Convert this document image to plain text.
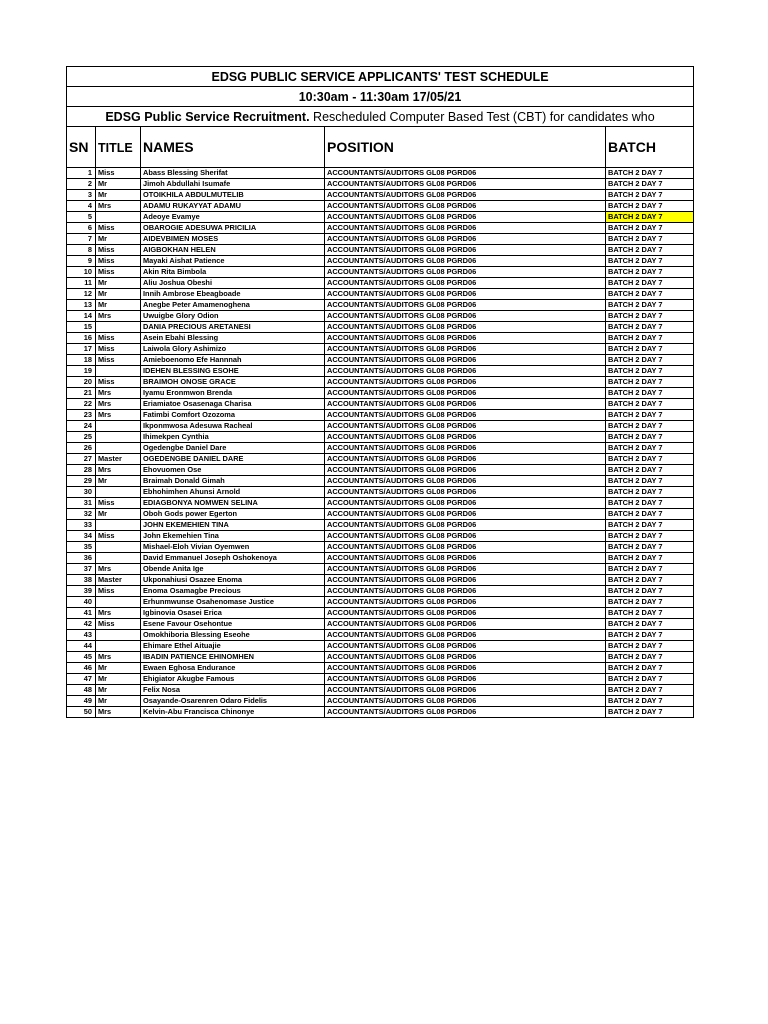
EDSG PUBLIC SERVICE APPLICANTS' TEST SCHEDULE				
10:30am - 11:30am 17/05/21				
EDSG Public Service Recruitment. Rescheduled Computer Based Test (CBT) for candidates who				
SN	TITLE	NAMES	POSITION	BATCH
1	Miss	Abass Blessing Sherifat	ACCOUNTANTS/AUDITORS GL08 PGRD06	BATCH 2 DAY 7
2	Mr	Jimoh Abdullahi Isumafe	ACCOUNTANTS/AUDITORS GL08 PGRD06	BATCH 2 DAY 7
3	Mr	OTOIKHILA ABDULMUTELIB	ACCOUNTANTS/AUDITORS GL08 PGRD06	BATCH 2 DAY 7
4	Mrs	ADAMU RUKAYYAT ADAMU	ACCOUNTANTS/AUDITORS GL08 PGRD06	BATCH 2 DAY 7
5		Adeoye Evamye	ACCOUNTANTS/AUDITORS GL08 PGRD06	BATCH 2 DAY 7
6	Miss	OBAROGIE ADESUWA PRICILIA	ACCOUNTANTS/AUDITORS GL08 PGRD06	BATCH 2 DAY 7
7	Mr	AIDEVBIMEN MOSES	ACCOUNTANTS/AUDITORS GL08 PGRD06	BATCH 2 DAY 7
8	Miss	AIGBOKHAN HELEN	ACCOUNTANTS/AUDITORS GL08 PGRD06	BATCH 2 DAY 7
9	Miss	Mayaki Aishat Patience	ACCOUNTANTS/AUDITORS GL08 PGRD06	BATCH 2 DAY 7
10	Miss	Akin Rita Bimbola	ACCOUNTANTS/AUDITORS GL08 PGRD06	BATCH 2 DAY 7
11	Mr	Aliu Joshua Obeshi	ACCOUNTANTS/AUDITORS GL08 PGRD06	BATCH 2 DAY 7
12	Mr	Innih Ambrose Ebeagboade	ACCOUNTANTS/AUDITORS GL08 PGRD06	BATCH 2 DAY 7
13	Mr	Anegbe Peter Amamenoghena	ACCOUNTANTS/AUDITORS GL08 PGRD06	BATCH 2 DAY 7
14	Mrs	Uwuigbe Glory Odion	ACCOUNTANTS/AUDITORS GL08 PGRD06	BATCH 2 DAY 7
15		DANIA PRECIOUS ARETANESI	ACCOUNTANTS/AUDITORS GL08 PGRD06	BATCH 2 DAY 7
16	Miss	Asein Ebahi Blessing	ACCOUNTANTS/AUDITORS GL08 PGRD06	BATCH 2 DAY 7
17	Miss	Laiwola Glory Ashimizo	ACCOUNTANTS/AUDITORS GL08 PGRD06	BATCH 2 DAY 7
18	Miss	Amieboenomo Efe Hannnah	ACCOUNTANTS/AUDITORS GL08 PGRD06	BATCH 2 DAY 7
19		IDEHEN BLESSING ESOHE	ACCOUNTANTS/AUDITORS GL08 PGRD06	BATCH 2 DAY 7
20	Miss	BRAIMOH ONOSE GRACE	ACCOUNTANTS/AUDITORS GL08 PGRD06	BATCH 2 DAY 7
21	Mrs	Iyamu Eronmwon Brenda	ACCOUNTANTS/AUDITORS GL08 PGRD06	BATCH 2 DAY 7
22	Mrs	Eriamiatoe Osasenaga Charisa	ACCOUNTANTS/AUDITORS GL08 PGRD06	BATCH 2 DAY 7
23	Mrs	Fatimbi Comfort Ozozoma	ACCOUNTANTS/AUDITORS GL08 PGRD06	BATCH 2 DAY 7
24		Ikponmwosa Adesuwa Racheal	ACCOUNTANTS/AUDITORS GL08 PGRD06	BATCH 2 DAY 7
25		Ihimekpen Cynthia	ACCOUNTANTS/AUDITORS GL08 PGRD06	BATCH 2 DAY 7
26		Ogedengbe Daniel Dare	ACCOUNTANTS/AUDITORS GL08 PGRD06	BATCH 2 DAY 7
27	Master	OGEDENGBE DANIEL DARE	ACCOUNTANTS/AUDITORS GL08 PGRD06	BATCH 2 DAY 7
28	Mrs	Ehovuomen Ose	ACCOUNTANTS/AUDITORS GL08 PGRD06	BATCH 2 DAY 7
29	Mr	Braimah Donald Gimah	ACCOUNTANTS/AUDITORS GL08 PGRD06	BATCH 2 DAY 7
30		Ebhohimhen Ahunsi Arnold	ACCOUNTANTS/AUDITORS GL08 PGRD06	BATCH 2 DAY 7
31	Miss	EDIAGBONYA NOMWEN SELINA	ACCOUNTANTS/AUDITORS GL08 PGRD06	BATCH 2 DAY 7
32	Mr	Oboh Gods power Egerton	ACCOUNTANTS/AUDITORS GL08 PGRD06	BATCH 2 DAY 7
33		JOHN EKEMEHIEN TINA	ACCOUNTANTS/AUDITORS GL08 PGRD06	BATCH 2 DAY 7
34	Miss	John Ekemehien Tina	ACCOUNTANTS/AUDITORS GL08 PGRD06	BATCH 2 DAY 7
35		Mishael-Eloh Vivian Oyemwen	ACCOUNTANTS/AUDITORS GL08 PGRD06	BATCH 2 DAY 7
36		David Emmanuel Joseph Oshokenoya	ACCOUNTANTS/AUDITORS GL08 PGRD06	BATCH 2 DAY 7
37	Mrs	Obende Anita Ige	ACCOUNTANTS/AUDITORS GL08 PGRD06	BATCH 2 DAY 7
38	Master	Ukponahiusi Osazee Enoma	ACCOUNTANTS/AUDITORS GL08 PGRD06	BATCH 2 DAY 7
39	Miss	Enoma Osamagbe Precious	ACCOUNTANTS/AUDITORS GL08 PGRD06	BATCH 2 DAY 7
40		Erhunmwunse Osahenomase Justice	ACCOUNTANTS/AUDITORS GL08 PGRD06	BATCH 2 DAY 7
41	Mrs	Igbinovia Osasei Erica	ACCOUNTANTS/AUDITORS GL08 PGRD06	BATCH 2 DAY 7
42	Miss	Esene Favour Osehontue	ACCOUNTANTS/AUDITORS GL08 PGRD06	BATCH 2 DAY 7
43		Omokhiboria Blessing Eseohe	ACCOUNTANTS/AUDITORS GL08 PGRD06	BATCH 2 DAY 7
44		Ehimare Ethel Aituajie	ACCOUNTANTS/AUDITORS GL08 PGRD06	BATCH 2 DAY 7
45	Mrs	IBADIN PATIENCE EHINOMHEN	ACCOUNTANTS/AUDITORS GL08 PGRD06	BATCH 2 DAY 7
46	Mr	Ewaen Eghosa Endurance	ACCOUNTANTS/AUDITORS GL08 PGRD06	BATCH 2 DAY 7
47	Mr	Ehigiator Akugbe Famous	ACCOUNTANTS/AUDITORS GL08 PGRD06	BATCH 2 DAY 7
48	Mr	Felix Nosa	ACCOUNTANTS/AUDITORS GL08 PGRD06	BATCH 2 DAY 7
49	Mr	Osayande-Osarenren Odaro Fidelis	ACCOUNTANTS/AUDITORS GL08 PGRD06	BATCH 2 DAY 7
50	Mrs	Kelvin-Abu Francisca Chinonye	ACCOUNTANTS/AUDITORS GL08 PGRD06	BATCH 2 DAY 7
